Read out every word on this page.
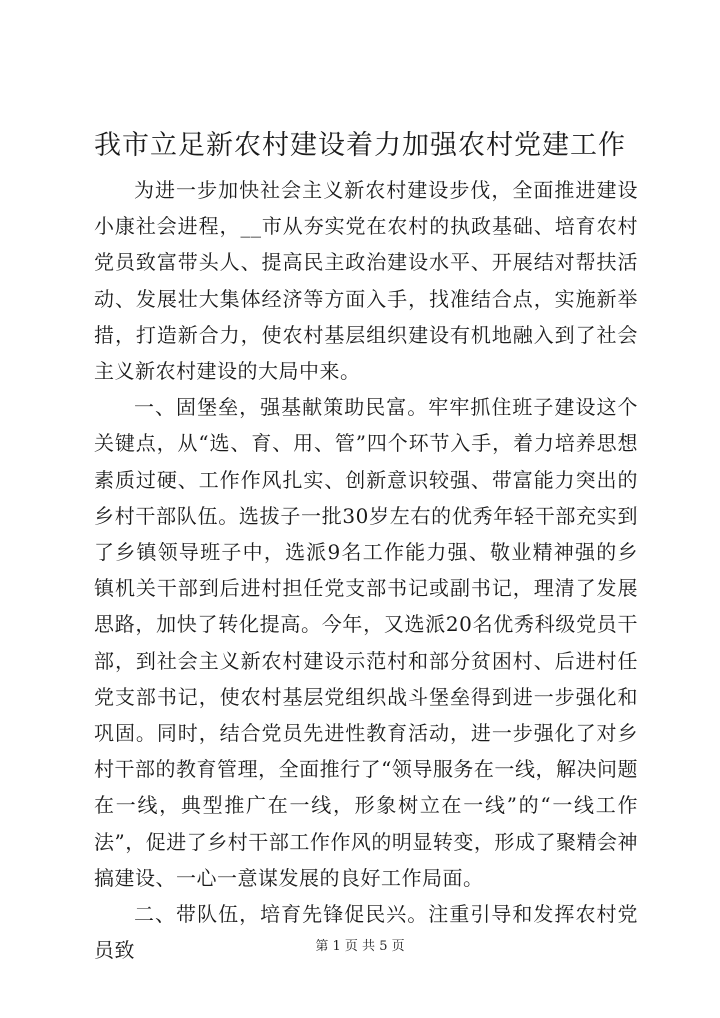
我市立足新农村建设着力加强农村党建工作

为进一步加快社会主义新农村建设步伐，全面推进建设小康社会进程，__市从夯实党在农村的执政基础、培育农村党员致富带头人、提高民主政治建设水平、开展结对帮扶活动、发展壮大集体经济等方面入手，找准结合点，实施新举措，打造新合力，使农村基层组织建设有机地融入到了社会主义新农村建设的大局中来。

一、固堡垒，强基献策助民富。牢牢抓住班子建设这个关键点，从“选、育、用、管”四个环节入手，着力培养思想素质过硬、工作作风扎实、创新意识较强、带富能力突出的乡村干部队伍。选拔子一批30岁左右的优秀年轻干部充实到了乡镇领导班子中，选派9名工作能力强、敬业精神强的乡镇机关干部到后进村担任党支部书记或副书记，理清了发展思路，加快了转化提高。今年，又选派20名优秀科级党员干部，到社会主义新农村建设示范村和部分贫困村、后进村任党支部书记，使农村基层党组织战斗堡垒得到进一步强化和巩固。同时，结合党员先进性教育活动，进一步强化了对乡村干部的教育管理，全面推行了“领导服务在一线，解决问题在一线，典型推广在一线，形象树立在一线”的“一线工作法”，促进了乡村干部工作作风的明显转变，形成了聚精会神搞建设、一心一意谋发展的良好工作局面。

二、带队伍，培育先锋促民兴。注重引导和发挥农村党员致	第 1 页 共 5 页
